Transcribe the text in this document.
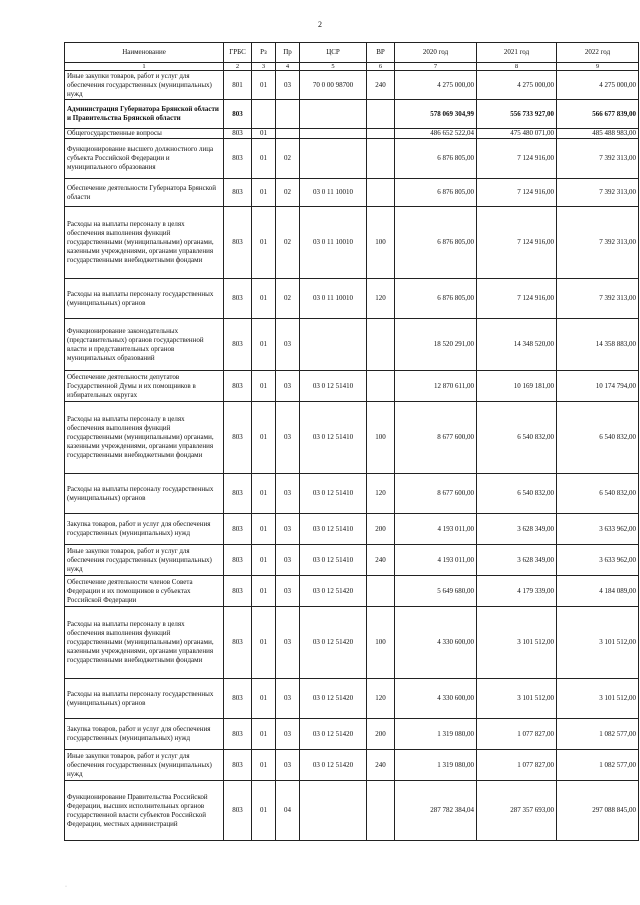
2
Наименование	ГРБС	Рз	Пр	ЦСР	ВР	2020 год	2021 год	2022 год
1	2	3	4	5	6	7	8	9
Иные закупки товаров, работ и услуг для обеспечения государственных (муниципальных) нужд	801	01	03	70 0 00 98700	240	4 275 000,00	4 275 000,00	4 275 000,00
Администрация Губернатора Брянской области и Правительства Брянской области	803					578 069 304,99	556 733 927,00	566 677 839,00
Общегосударственные вопросы	803	01				486 652 522,04	475 480 071,00	485 488 983,00
Функционирование высшего должностного лица субъекта Российской Федерации и муниципального образования	803	01	02			6 876 805,00	7 124 916,00	7 392 313,00
Обеспечение деятельности Губернатора Брянской области	803	01	02	03 0 11 10010		6 876 805,00	7 124 916,00	7 392 313,00
Расходы на выплаты персоналу в целях обеспечения выполнения функций государственными (муниципальными) органами, казенными учреждениями, органами управления государственными внебюджетными фондами	803	01	02	03 0 11 10010	100	6 876 805,00	7 124 916,00	7 392 313,00
Расходы на выплаты персоналу государственных (муниципальных) органов	803	01	02	03 0 11 10010	120	6 876 805,00	7 124 916,00	7 392 313,00
Функционирование законодательных (представительных) органов государственной власти и представительных органов муниципальных образований	803	01	03			18 520 291,00	14 348 520,00	14 358 883,00
Обеспечение деятельности депутатов Государственной Думы и их помощников в избирательных округах	803	01	03	03 0 12 51410		12 870 611,00	10 169 181,00	10 174 794,00
Расходы на выплаты персоналу в целях обеспечения выполнения функций государственными (муниципальными) органами, казенными учреждениями, органами управления государственными внебюджетными фондами	803	01	03	03 0 12 51410	100	8 677 600,00	6 540 832,00	6 540 832,00
Расходы на выплаты персоналу государственных (муниципальных) органов	803	01	03	03 0 12 51410	120	8 677 600,00	6 540 832,00	6 540 832,00
Закупка товаров, работ и услуг для обеспечения государственных (муниципальных) нужд	803	01	03	03 0 12 51410	200	4 193 011,00	3 628 349,00	3 633 962,00
Иные закупки товаров, работ и услуг для обеспечения государственных (муниципальных) нужд	803	01	03	03 0 12 51410	240	4 193 011,00	3 628 349,00	3 633 962,00
Обеспечение деятельности членов Совета Федерации и их помощников в субъектах Российской Федерации	803	01	03	03 0 12 51420		5 649 680,00	4 179 339,00	4 184 089,00
Расходы на выплаты персоналу в целях обеспечения выполнения функций государственными (муниципальными) органами, казенными учреждениями, органами управления государственными внебюджетными фондами	803	01	03	03 0 12 51420	100	4 330 600,00	3 101 512,00	3 101 512,00
Расходы на выплаты персоналу государственных (муниципальных) органов	803	01	03	03 0 12 51420	120	4 330 600,00	3 101 512,00	3 101 512,00
Закупка товаров, работ и услуг для обеспечения государственных (муниципальных) нужд	803	01	03	03 0 12 51420	200	1 319 080,00	1 077 827,00	1 082 577,00
Иные закупки товаров, работ и услуг для обеспечения государственных (муниципальных) нужд	803	01	03	03 0 12 51420	240	1 319 080,00	1 077 827,00	1 082 577,00
Функционирование Правительства Российской Федерации, высших исполнительных органов государственной власти субъектов Российской Федерации, местных администраций	803	01	04			287 782 384,04	287 357 693,00	297 088 845,00
·
